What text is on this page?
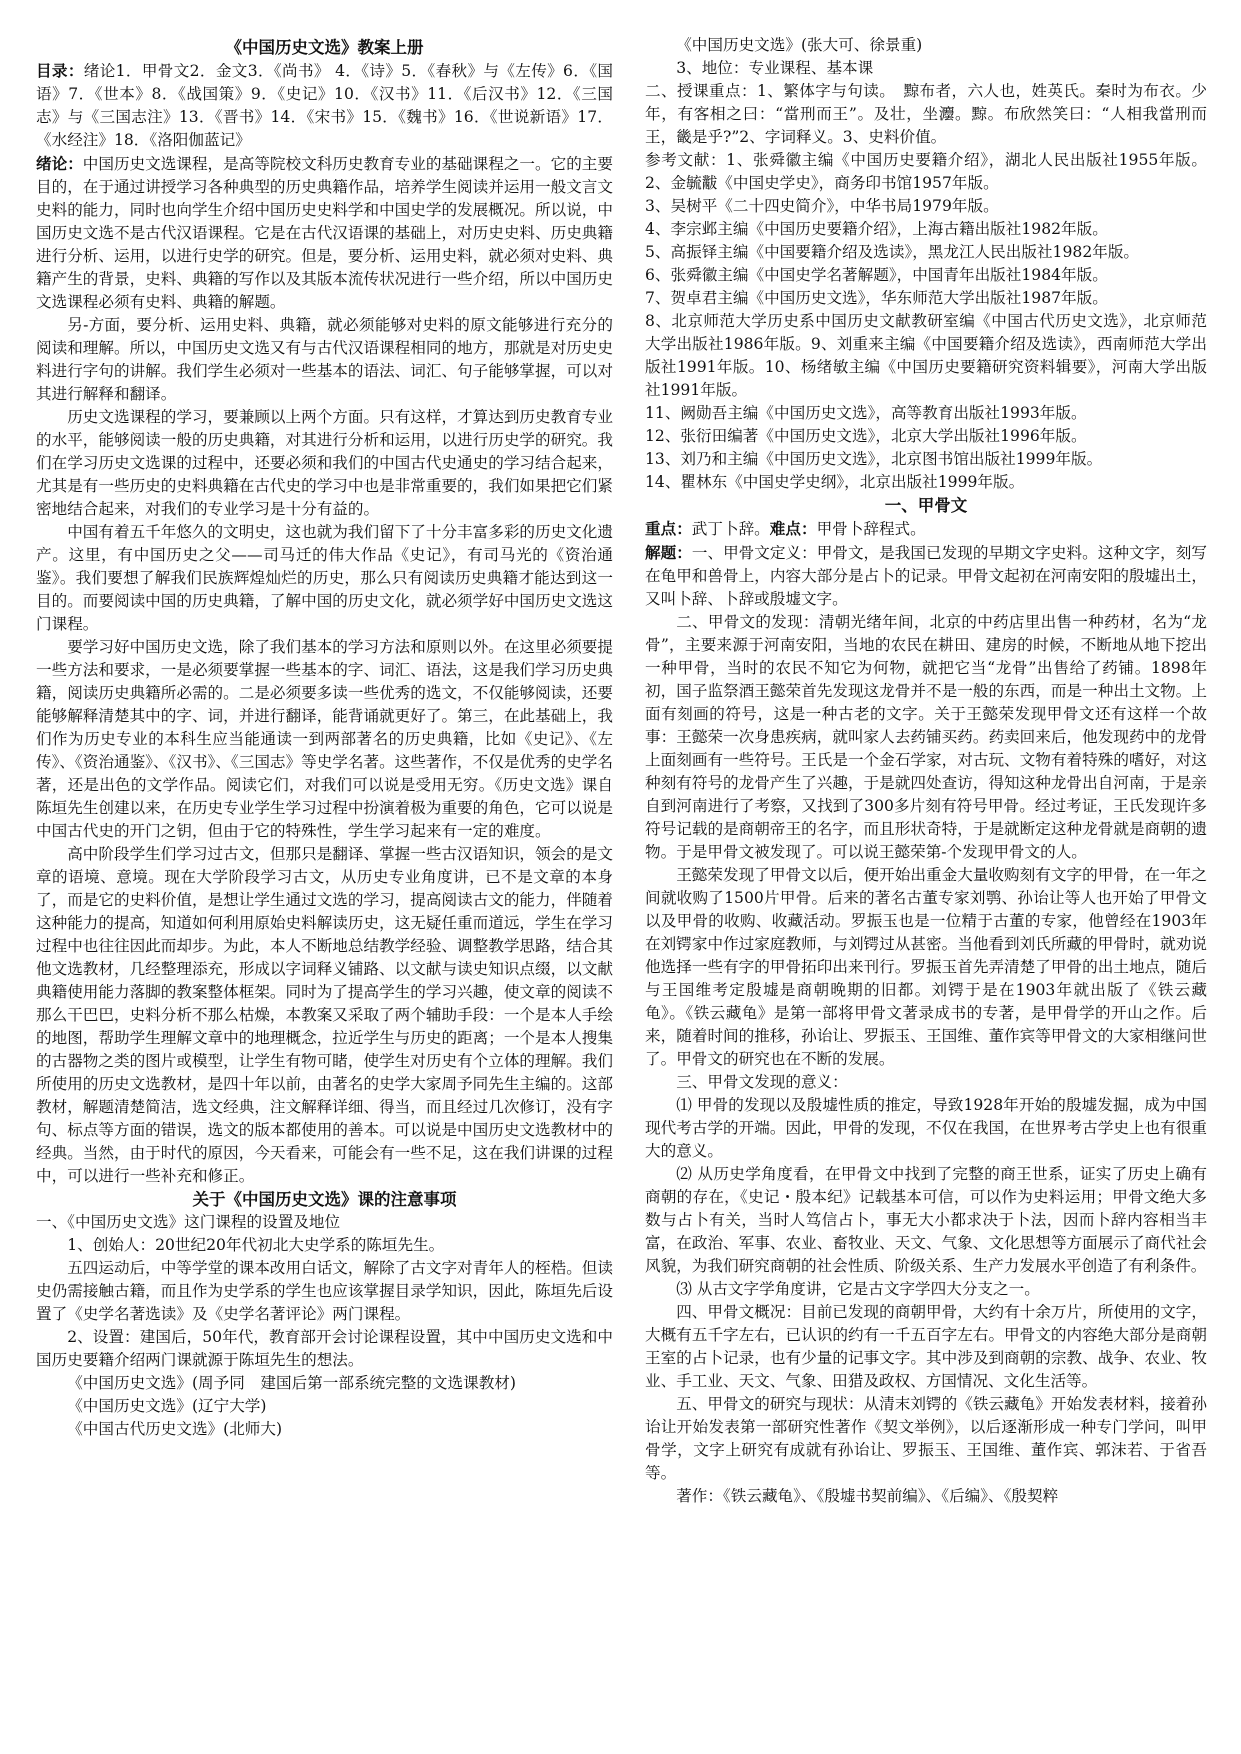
《中国历史文选》教案上册

目录：绪论1．甲骨文2．金文3．《尚书》 4．《诗》5．《春秋》与《左传》6．《国语》7．《世本》8．《战国策》9．《史记》10．《汉书》11．《后汉书》12．《三国志》与《三国志注》13．《晋书》14．《宋书》15．《魏书》16．《世说新语》17．《水经注》18．《洛阳伽蓝记》

绪论：中国历史文选课程，是高等院校文科历史教育专业的基础课程之一。它的主要目的，在于通过讲授学习各种典型的历史典籍作品，培养学生阅读并运用一般文言文史料的能力，同时也向学生介绍中国历史史料学和中国史学的发展概况。所以说，中国历史文选不是古代汉语课程。它是在古代汉语课的基础上，对历史史料、历史典籍进行分析、运用，以进行史学的研究。但是，要分析、运用史料，就必须对史料、典籍产生的背景，史料、典籍的写作以及其版本流传状况进行一些介绍，所以中国历史文选课程必须有史料、典籍的解题。

另-方面，要分析、运用史料、典籍，就必须能够对史料的原文能够进行充分的阅读和理解。所以，中国历史文选又有与古代汉语课程相同的地方，那就是对历史史料进行字句的讲解。我们学生必须对一些基本的语法、词汇、句子能够掌握，可以对其进行解释和翻译。

历史文选课程的学习，要兼顾以上两个方面。只有这样，才算达到历史教育专业的水平，能够阅读一般的历史典籍，对其进行分析和运用，以进行历史学的研究。我们在学习历史文选课的过程中，还要必须和我们的中国古代史通史的学习结合起来，尤其是有一些历史的史料典籍在古代史的学习中也是非常重要的，我们如果把它们紧密地结合起来，对我们的专业学习是十分有益的。

中国有着五千年悠久的文明史，这也就为我们留下了十分丰富多彩的历史文化遗产。这里，有中国历史之父——司马迁的伟大作品《史记》，有司马光的《资治通鉴》。我们要想了解我们民族辉煌灿烂的历史，那么只有阅读历史典籍才能达到这一目的。而要阅读中国的历史典籍，了解中国的历史文化，就必须学好中国历史文选这门课程。

要学习好中国历史文选，除了我们基本的学习方法和原则以外。在这里必须要提一些方法和要求，一是必须要掌握一些基本的字、词汇、语法，这是我们学习历史典籍，阅读历史典籍所必需的。二是必须要多读一些优秀的选文，不仅能够阅读，还要能够解释清楚其中的字、词，并进行翻译，能背诵就更好了。第三，在此基础上，我们作为历史专业的本科生应当能通读一到两部著名的历史典籍，比如《史记》、《左传》、《资治通鉴》、《汉书》、《三国志》等史学名著。这些著作，不仅是优秀的史学名著，还是出色的文学作品。阅读它们，对我们可以说是受用无穷。《历史文选》课自陈垣先生创建以来，在历史专业学生学习过程中扮演着极为重要的角色，它可以说是中国古代史的开门之钥，但由于它的特殊性，学生学习起来有一定的难度。

高中阶段学生们学习过古文，但那只是翻译、掌握一些古汉语知识，领会的是文章的语境、意境。现在大学阶段学习古文，从历史专业角度讲，已不是文章的本身了，而是它的史料价值，是想让学生通过文选的学习，提高阅读古文的能力，伴随着这种能力的提高，知道如何利用原始史料解读历史，这无疑任重而道远，学生在学习过程中也往往因此而却步。为此，本人不断地总结教学经验、调整教学思路，结合其他文选教材，几经整理添充，形成以字词释义铺路、以文献与读史知识点缀，以文献典籍使用能力落脚的教案整体框架。同时为了提高学生的学习兴趣，使文章的阅读不那么干巴巴，史料分析不那么枯燥，本教案又采取了两个辅助手段：一个是本人手绘的地图，帮助学生理解文章中的地理概念，拉近学生与历史的距离；一个是本人搜集的古器物之类的图片或模型，让学生有物可睹，使学生对历史有个立体的理解。我们所使用的历史文选教材，是四十年以前，由著名的史学大家周予同先生主编的。这部教材，解题清楚简洁，选文经典，注文解释详细、得当，而且经过几次修订，没有字句、标点等方面的错误，选文的版本都使用的善本。可以说是中国历史文选教材中的经典。当然，由于时代的原因，今天看来，可能会有一些不足，这在我们讲课的过程中，可以进行一些补充和修正。

关于《中国历史文选》课的注意事项

一、《中国历史文选》这门课程的设置及地位

1、创始人：20世纪20年代初北大史学系的陈垣先生。

五四运动后，中等学堂的课本改用白话文，解除了古文字对青年人的桎梏。但读史仍需接触古籍，而且作为史学系的学生也应该掌握目录学知识，因此，陈垣先后设置了《史学名著选读》及《史学名著评论》两门课程。

2、设置：建国后，50年代，教育部开会讨论课程设置，其中中国历史文选和中国历史要籍介绍两门课就源于陈垣先生的想法。

《中国历史文选》(周予同　建国后第一部系统完整的文选课教材)

《中国历史文选》(辽宁大学)

《中国古代历史文选》(北师大)

《中国历史文选》(张大可、徐景重)

3、地位：专业课程、基本课

二、授课重点：1、繁体字与句读。　黥布者，六人也，姓英氏。秦时为布衣。少年，有客相之曰：“當刑而王”。及壮，坐灋。黥。布欣然笑曰：“人相我當刑而王，畿是乎?”2、字词释义。3、史料价值。

参考文献：1、张舜徽主编《中国历史要籍介绍》，湖北人民出版社1955年版。2、金毓黻《中国史学史》，商务印书馆1957年版。

3、吴树平《二十四史简介》，中华书局1979年版。

4、李宗邺主编《中国历史要籍介绍》，上海古籍出版社1982年版。

5、高振铎主编《中国要籍介绍及选读》，黑龙江人民出版社1982年版。

6、张舜徽主编《中国史学名著解题》，中国青年出版社1984年版。

7、贺卓君主编《中国历史文选》，华东师范大学出版社1987年版。

8、北京师范大学历史系中国历史文献教研室编《中国古代历史文选》，北京师范大学出版社1986年版。9、刘重来主编《中国要籍介绍及选读》，西南师范大学出版社1991年版。10、杨绪敏主编《中国历史要籍研究资料辑要》，河南大学出版社1991年版。

11、阙勋吾主编《中国历史文选》，高等教育出版社1993年版。

12、张衍田编著《中国历史文选》，北京大学出版社1996年版。

13、刘乃和主编《中国历史文选》，北京图书馆出版社1999年版。

14、瞿林东《中国史学史纲》，北京出版社1999年版。

一、甲骨文

重点：武丁卜辞。难点：甲骨卜辞程式。

解题：一、甲骨文定义：甲骨文，是我国已发现的早期文字史料。这种文字，刻写在龟甲和兽骨上，内容大部分是占卜的记录。甲骨文起初在河南安阳的殷墟出土，又叫卜辞、卜辞或殷墟文字。

二、甲骨文的发现：清朝光绪年间，北京的中药店里出售一种药材，名为“龙骨”，主要来源于河南安阳，当地的农民在耕田、建房的时候，不断地从地下挖出一种甲骨，当时的农民不知它为何物，就把它当“龙骨”出售给了药铺。1898年初，国子监祭酒王懿荣首先发现这龙骨并不是一般的东西，而是一种出土文物。上面有刻画的符号，这是一种古老的文字。关于王懿荣发现甲骨文还有这样一个故事：王懿荣一次身患疾病，就叫家人去药铺买药。药卖回来后，他发现药中的龙骨上面刻画有一些符号。王氏是一个金石学家，对古玩、文物有着特殊的嗜好，对这种刻有符号的龙骨产生了兴趣，于是就四处查访，得知这种龙骨出自河南，于是亲自到河南进行了考察，又找到了300多片刻有符号甲骨。经过考证，王氏发现许多符号记载的是商朝帝王的名字，而且形状奇特，于是就断定这种龙骨就是商朝的遗物。于是甲骨文被发现了。可以说王懿荣第-个发现甲骨文的人。

王懿荣发现了甲骨文以后，便开始出重金大量收购刻有文字的甲骨，在一年之间就收购了1500片甲骨。后来的著名古董专家刘鹗、孙诒让等人也开始了甲骨文以及甲骨的收购、收藏活动。罗振玉也是一位精于古董的专家，他曾经在1903年在刘锷家中作过家庭教师，与刘锷过从甚密。当他看到刘氏所藏的甲骨时，就劝说他选择一些有字的甲骨拓印出来刊行。罗振玉首先弄清楚了甲骨的出土地点，随后与王国维考定殷墟是商朝晚期的旧都。刘锷于是在1903年就出版了《铁云藏龟》。《铁云藏龟》是第一部将甲骨文著录成书的专著，是甲骨学的开山之作。后来，随着时间的推移，孙诒让、罗振玉、王国维、董作宾等甲骨文的大家相继问世了。甲骨文的研究也在不断的发展。

三、甲骨文发现的意义：

⑴ 甲骨的发现以及殷墟性质的推定，导致1928年开始的殷墟发掘，成为中国现代考古学的开端。因此，甲骨的发现，不仅在我国，在世界考古学史上也有很重大的意义。

⑵ 从历史学角度看，在甲骨文中找到了完整的商王世系，证实了历史上确有商朝的存在，《史记・殷本纪》记载基本可信，可以作为史料运用；甲骨文绝大多数与占卜有关，当时人笃信占卜，事无大小都求决于卜法，因而卜辞内容相当丰富，在政治、军事、农业、畜牧业、天文、气象、文化思想等方面展示了商代社会风貌，为我们研究商朝的社会性质、阶级关系、生产力发展水平创造了有利条件。

⑶ 从古文字学角度讲，它是古文字学四大分支之一。

四、甲骨文概况：目前已发现的商朝甲骨，大约有十余万片，所使用的文字，大概有五千字左右，已认识的约有一千五百字左右。甲骨文的内容绝大部分是商朝王室的占卜记录，也有少量的记事文字。其中涉及到商朝的宗教、战争、农业、牧业、手工业、天文、气象、田猎及政权、方国情况、文化生活等。

五、甲骨文的研究与现状：从清末刘锷的《铁云藏龟》开始发表材料，接着孙诒让开始发表第一部研究性著作《契文举例》，以后逐渐形成一种专门学问，叫甲骨学，文字上研究有成就有孙诒让、罗振玉、王国维、董作宾、郭沫若、于省吾等。

著作：《铁云藏龟》、《殷墟书契前编》、《后编》、《殷契粹
